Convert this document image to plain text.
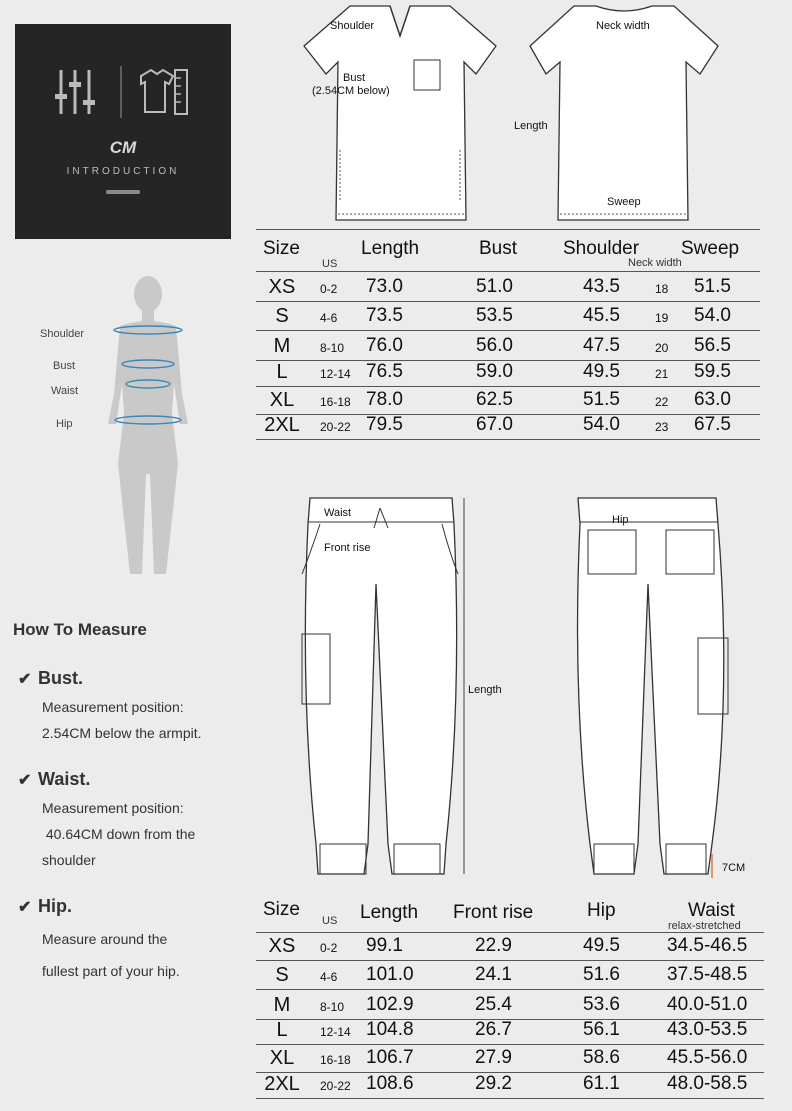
CM
INTRODUCTION
Shoulder
Bust
(2.54CM below)
Length
Neck width
Sweep
Shoulder
Bust
Waist
Hip
How To Measure
✔ Bust.
Measurement position:
2.54CM below the armpit.
✔ Waist.
Measurement position:
40.64CM down from the
shoulder
✔ Hip.
Measure around the
fullest part of your hip.
Size
US
Length	Bust Shoulder Sweep
Neck width
XS	0-2 73.0	51.0	43.5	18 51.5
S	4-6 73.5	53.5	45.5	19 54.0
M	8-10 76.0	56.0	47.5	20 56.5
L	12-14 76.5	59.0	49.5	21 59.5
XL	16-18 78.0	62.5	51.5	22 63.0
2XL	20-22 79.5	67.0	54.0	23 67.5
Waist
Front rise
Hip
Length
7CM
Size
US Length Front rise	Hip	Waist
relax-stretched
XS	0-2 99.1	22.9	49.5 34.5-46.5
S	4-6 101.0	24.1	51.6 37.5-48.5
M	8-10 102.9	25.4	53.6 40.0-51.0
L	12-14 104.8	26.7	56.1 43.0-53.5
XL	16-18 106.7	27.9	58.6 45.5-56.0
2XL	20-22 108.6	29.2	61.1 48.0-58.5
